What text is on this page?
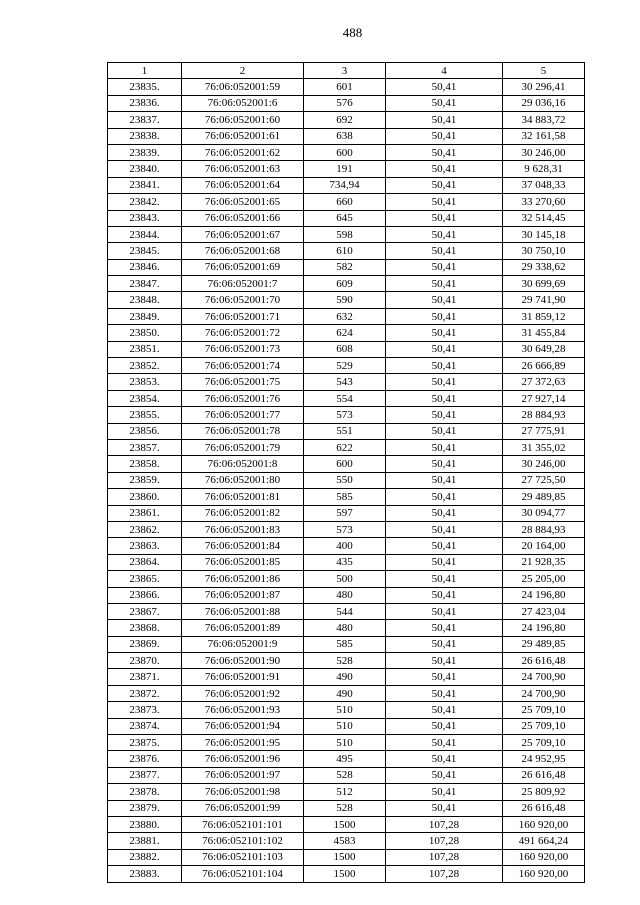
488
1	2	3	4	5
23835.	76:06:052001:59	601	50,41	30 296,41
23836.	76:06:052001:6	576	50,41	29 036,16
23837.	76:06:052001:60	692	50,41	34 883,72
23838.	76:06:052001:61	638	50,41	32 161,58
23839.	76:06:052001:62	600	50,41	30 246,00
23840.	76:06:052001:63	191	50,41	9 628,31
23841.	76:06:052001:64	734,94	50,41	37 048,33
23842.	76:06:052001:65	660	50,41	33 270,60
23843.	76:06:052001:66	645	50,41	32 514,45
23844.	76:06:052001:67	598	50,41	30 145,18
23845.	76:06:052001:68	610	50,41	30 750,10
23846.	76:06:052001:69	582	50,41	29 338,62
23847.	76:06:052001:7	609	50,41	30 699,69
23848.	76:06:052001:70	590	50,41	29 741,90
23849.	76:06:052001:71	632	50,41	31 859,12
23850.	76:06:052001:72	624	50,41	31 455,84
23851.	76:06:052001:73	608	50,41	30 649,28
23852.	76:06:052001:74	529	50,41	26 666,89
23853.	76:06:052001:75	543	50,41	27 372,63
23854.	76:06:052001:76	554	50,41	27 927,14
23855.	76:06:052001:77	573	50,41	28 884,93
23856.	76:06:052001:78	551	50,41	27 775,91
23857.	76:06:052001:79	622	50,41	31 355,02
23858.	76:06:052001:8	600	50,41	30 246,00
23859.	76:06:052001:80	550	50,41	27 725,50
23860.	76:06:052001:81	585	50,41	29 489,85
23861.	76:06:052001:82	597	50,41	30 094,77
23862.	76:06:052001:83	573	50,41	28 884,93
23863.	76:06:052001:84	400	50,41	20 164,00
23864.	76:06:052001:85	435	50,41	21 928,35
23865.	76:06:052001:86	500	50,41	25 205,00
23866.	76:06:052001:87	480	50,41	24 196,80
23867.	76:06:052001:88	544	50,41	27 423,04
23868.	76:06:052001:89	480	50,41	24 196,80
23869.	76:06:052001:9	585	50,41	29 489,85
23870.	76:06:052001:90	528	50,41	26 616,48
23871.	76:06:052001:91	490	50,41	24 700,90
23872.	76:06:052001:92	490	50,41	24 700,90
23873.	76:06:052001:93	510	50,41	25 709,10
23874.	76:06:052001:94	510	50,41	25 709,10
23875.	76:06:052001:95	510	50,41	25 709,10
23876.	76:06:052001:96	495	50,41	24 952,95
23877.	76:06:052001:97	528	50,41	26 616,48
23878.	76:06:052001:98	512	50,41	25 809,92
23879.	76:06:052001:99	528	50,41	26 616,48
23880.	76:06:052101:101	1500	107,28	160 920,00
23881.	76:06:052101:102	4583	107,28	491 664,24
23882.	76:06:052101:103	1500	107,28	160 920,00
23883.	76:06:052101:104	1500	107,28	160 920,00
